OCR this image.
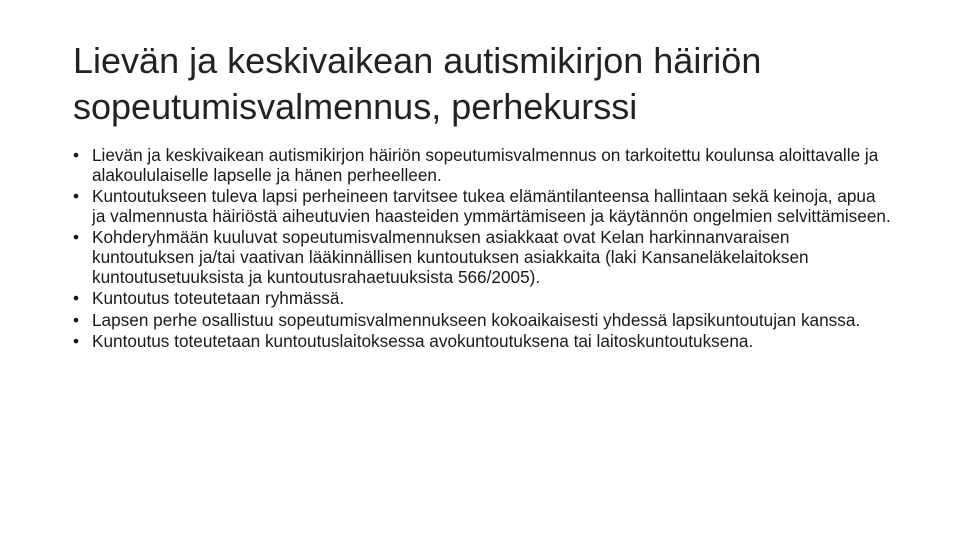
Lievän ja keskivaikean autismikirjon häiriön sopeutumisvalmennus, perhekurssi
• Lievän ja keskivaikean autismikirjon häiriön sopeutumisvalmennus on tarkoitettu koulunsa aloittavalle ja alakoululaiselle lapselle ja hänen perheelleen.
• Kuntoutukseen tuleva lapsi perheineen tarvitsee tukea elämäntilanteensa hallintaan sekä keinoja, apua ja valmennusta häiriöstä aiheutuvien haasteiden ymmärtämiseen ja käytännön ongelmien selvittämiseen.
• Kohderyhmään kuuluvat sopeutumisvalmennuksen asiakkaat ovat Kelan harkinnanvaraisen kuntoutuksen ja/tai vaativan lääkinnällisen kuntoutuksen asiakkaita (laki Kansaneläkelaitoksen kuntoutusetuuksista ja kuntoutusrahaetuuksista 566/2005).
• Kuntoutus toteutetaan ryhmässä.
• Lapsen perhe osallistuu sopeutumisvalmennukseen kokoaikaisesti yhdessä lapsikuntoutujan kanssa.
• Kuntoutus toteutetaan kuntoutuslaitoksessa avokuntoutuksena tai laitoskuntoutuksena.
